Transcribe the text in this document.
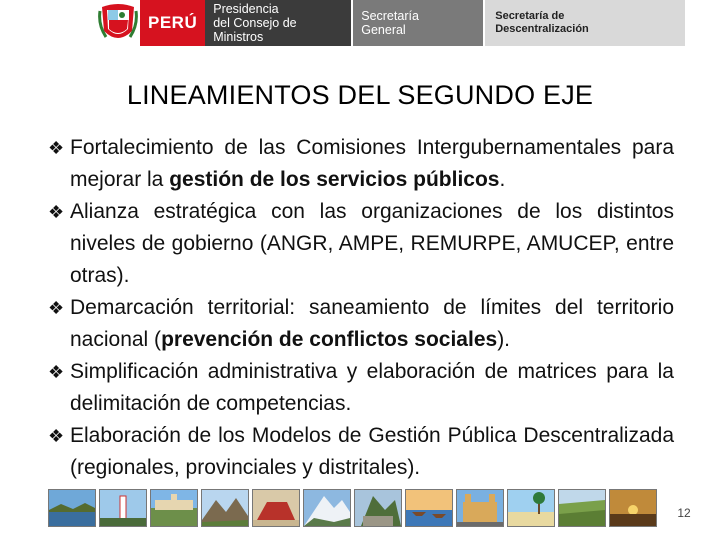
PERÚ
Presidencia
del Consejo de Ministros
Secretaría
General
Secretaría de
Descentralización
LINEAMIENTOS DEL SEGUNDO EJE
❖ Fortalecimiento de las Comisiones Intergubernamentales para mejorar la gestión de los servicios públicos.
❖ Alianza estratégica con las organizaciones de los distintos niveles de gobierno (ANGR, AMPE, REMURPE, AMUCEP, entre otras).
❖ Demarcación territorial: saneamiento de límites del territorio nacional (prevención de conflictos sociales).
❖ Simplificación administrativa y elaboración de matrices para la delimitación de competencias.
❖ Elaboración de los Modelos de Gestión Pública Descentralizada (regionales, provinciales y distritales).
12
